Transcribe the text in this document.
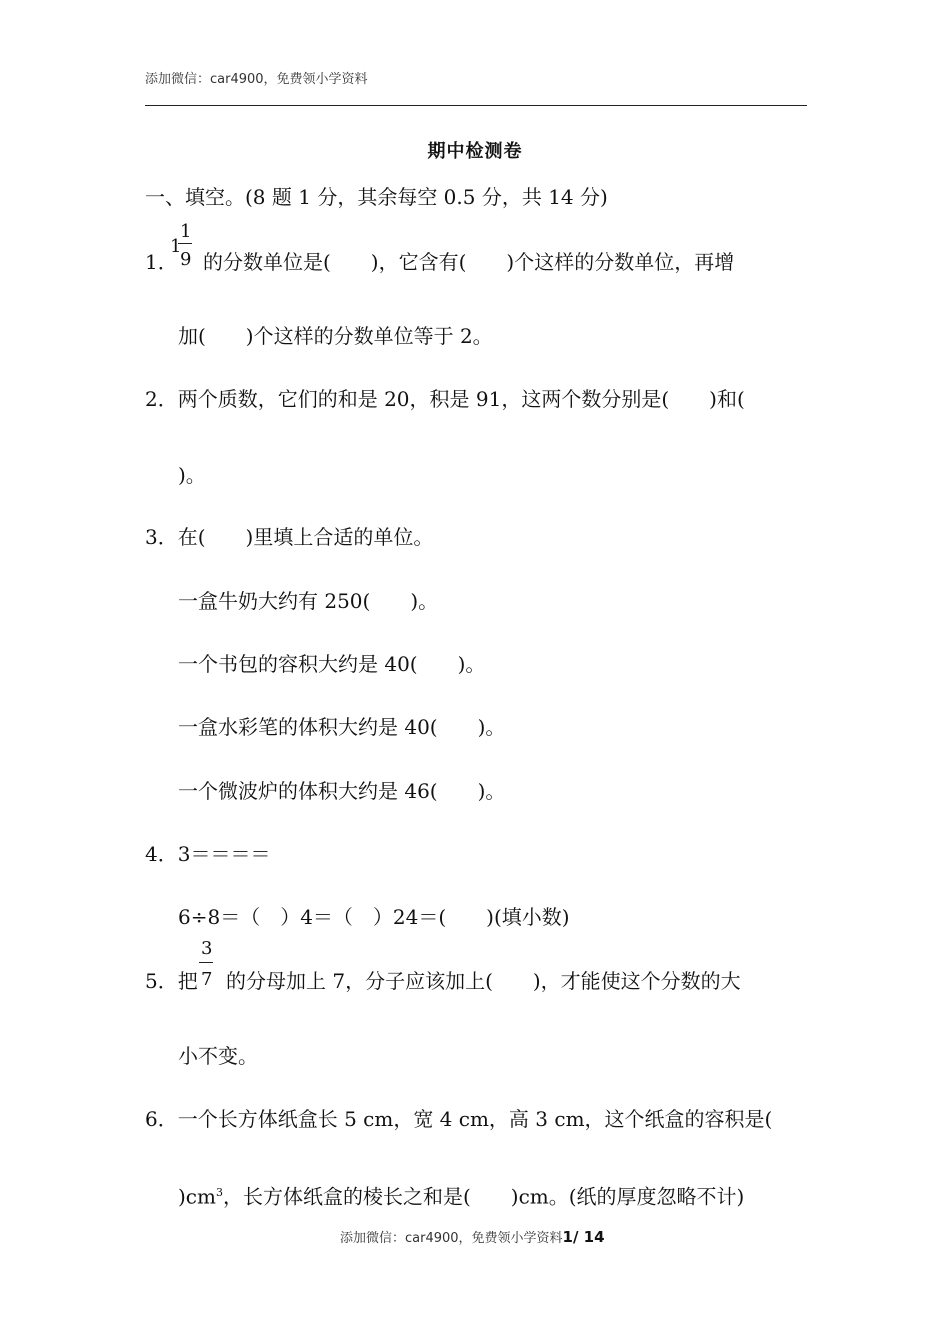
添加微信：car4900，免费领小学资料
期中检测卷
一、填空。(8 题 1 分，其余每空 0.5 分，共 14 分)
1．
1
1
9 的分数单位是(　　)，它含有(　　)个这样的分数单位，再增
加(　　)个这样的分数单位等于 2。
2．两个质数，它们的和是 20，积是 91，这两个数分别是(　　)和(
)。
3．在(　　)里填上合适的单位。
一盒牛奶大约有 250(　　)。
一个书包的容积大约是 40(　　)。
一盒水彩笔的体积大约是 40(　　)。
一个微波炉的体积大约是 46(　　)。
4．3＝＝＝＝
6÷8＝（　）4＝（　）24＝(　　)(填小数)
5．把
3
7 的分母加上 7，分子应该加上(　　)，才能使这个分数的大
小不变。
6．一个长方体纸盒长 5 cm，宽 4 cm，高 3 cm，这个纸盒的容积是(
)$cm^3$，长方体纸盒的棱长之和是(　　)cm。(纸的厚度忽略不计)
添加微信：car4900，免费领小学资料1/ 14
